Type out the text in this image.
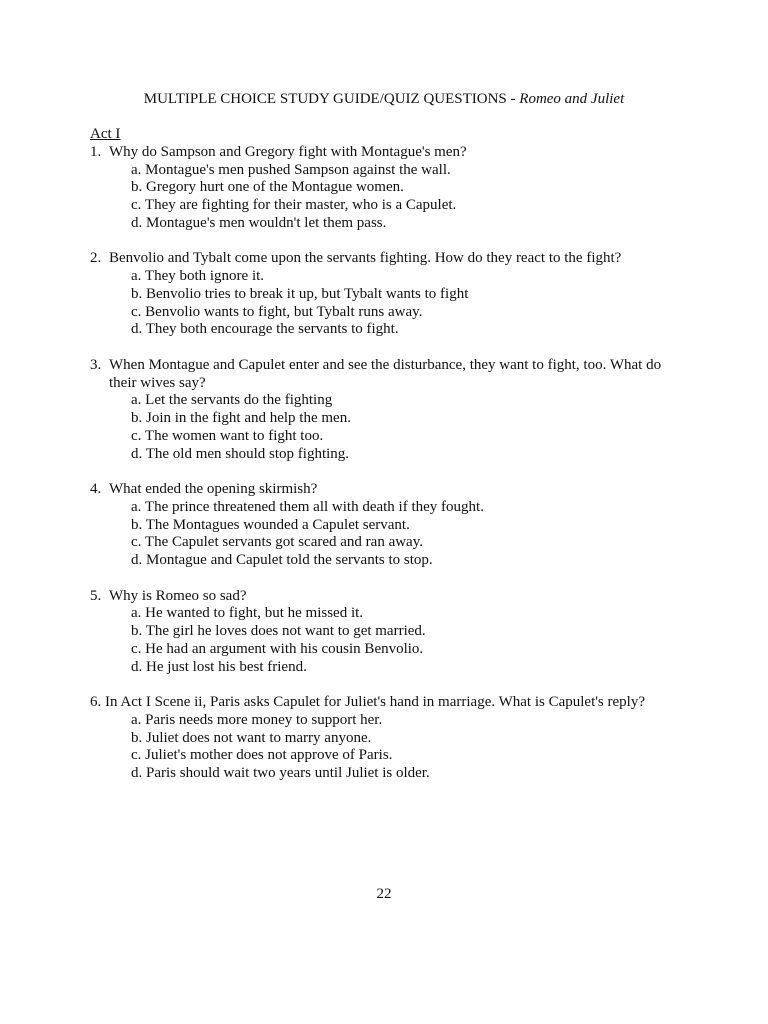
MULTIPLE CHOICE STUDY GUIDE/QUIZ QUESTIONS - Romeo and Juliet
Act I
1. Why do Sampson and Gregory fight with Montague's men?
a. Montague's men pushed Sampson against the wall.
b. Gregory hurt one of the Montague women.
c. They are fighting for their master, who is a Capulet.
d. Montague's men wouldn't let them pass.
2. Benvolio and Tybalt come upon the servants fighting. How do they react to the fight?
a. They both ignore it.
b. Benvolio tries to break it up, but Tybalt wants to fight
c. Benvolio wants to fight, but Tybalt runs away.
d. They both encourage the servants to fight.
3. When Montague and Capulet enter and see the disturbance, they want to fight, too. What do
their wives say?
a. Let the servants do the fighting
b. Join in the fight and help the men.
c. The women want to fight too.
d. The old men should stop fighting.
4. What ended the opening skirmish?
a. The prince threatened them all with death if they fought.
b. The Montagues wounded a Capulet servant.
c. The Capulet servants got scared and ran away.
d. Montague and Capulet told the servants to stop.
5. Why is Romeo so sad?
a. He wanted to fight, but he missed it.
b. The girl he loves does not want to get married.
c. He had an argument with his cousin Benvolio.
d. He just lost his best friend.
6. In Act I Scene ii, Paris asks Capulet for Juliet's hand in marriage. What is Capulet's reply?
a. Paris needs more money to support her.
b. Juliet does not want to marry anyone.
c. Juliet's mother does not approve of Paris.
d. Paris should wait two years until Juliet is older.
22
